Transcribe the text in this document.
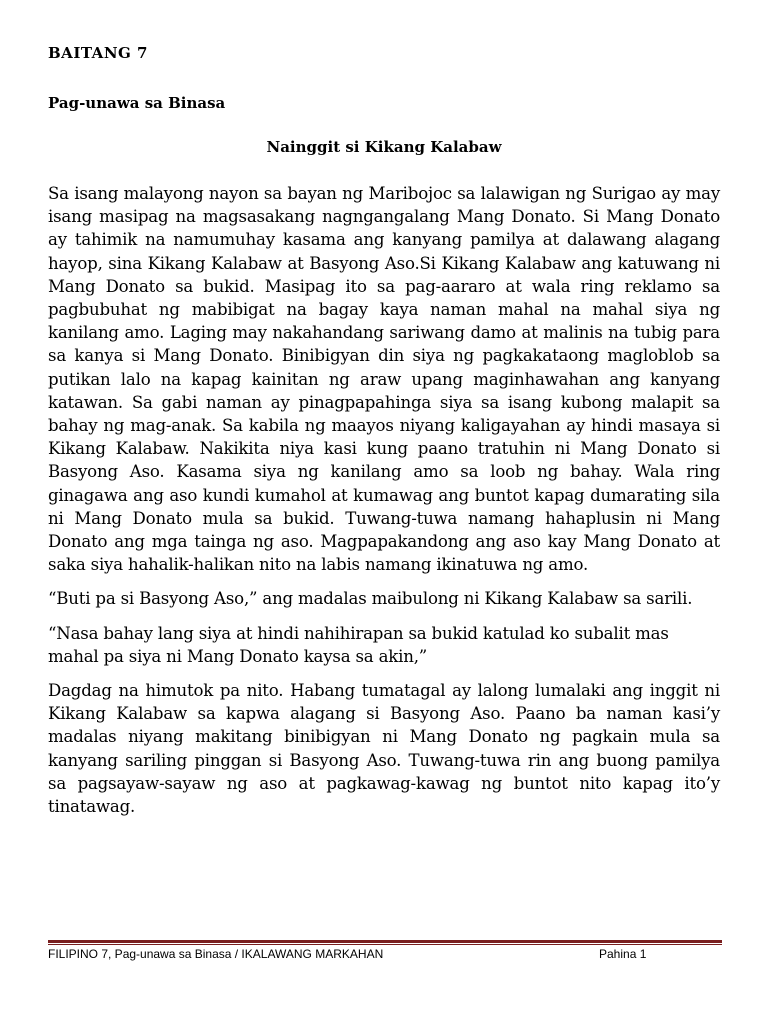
BAITANG 7
Pag-unawa sa Binasa
Nainggit si Kikang Kalabaw

Sa isang malayong nayon sa bayan ng Maribojoc sa lalawigan ng Surigao ay may isang masipag na magsasakang nagngangalang Mang Donato. Si Mang Donato ay tahimik na namumuhay kasama ang kanyang pamilya at dalawang alagang hayop, sina Kikang Kalabaw at Basyong Aso.Si Kikang Kalabaw ang katuwang ni Mang Donato sa bukid. Masipag ito sa pag-aararo at wala ring reklamo sa pagbubuhat ng mabibigat na bagay kaya naman mahal na mahal siya ng kanilang amo. Laging may nakahandang sariwang damo at malinis na tubig para sa kanya si Mang Donato. Binibigyan din siya ng pagkakataong magloblob sa putikan lalo na kapag kainitan ng araw upang maginhawahan ang kanyang katawan. Sa gabi naman ay pinagpapahinga siya sa isang kubong malapit sa bahay ng mag-anak. Sa kabila ng maayos niyang kaligayahan ay hindi masaya si Kikang Kalabaw. Nakikita niya kasi kung paano tratuhin ni Mang Donato si Basyong Aso. Kasama siya ng kanilang amo sa loob ng bahay. Wala ring ginagawa ang aso kundi kumahol at kumawag ang buntot kapag dumarating sila ni Mang Donato mula sa bukid. Tuwang-tuwa namang hahaplusin ni Mang Donato ang mga tainga ng aso. Magpapakandong ang aso kay Mang Donato at saka siya hahalik-halikan nito na labis namang ikinatuwa ng amo.

“Buti pa si Basyong Aso,” ang madalas maibulong ni Kikang Kalabaw sa sarili.

“Nasa bahay lang siya at hindi nahihirapan sa bukid katulad ko subalit mas mahal pa siya ni Mang Donato kaysa sa akin,”

Dagdag na himutok pa nito. Habang tumatagal ay lalong lumalaki ang inggit ni Kikang Kalabaw sa kapwa alagang si Basyong Aso. Paano ba naman kasi’y madalas niyang makitang binibigyan ni Mang Donato ng pagkain mula sa kanyang sariling pinggan si Basyong Aso. Tuwang-tuwa rin ang buong pamilya sa pagsayaw-sayaw ng aso at pagkawag-kawag ng buntot nito kapag ito’y tinatawag.

FILIPINO 7, Pag-unawa sa Binasa / IKALAWANG MARKAHAN	Pahina 1
